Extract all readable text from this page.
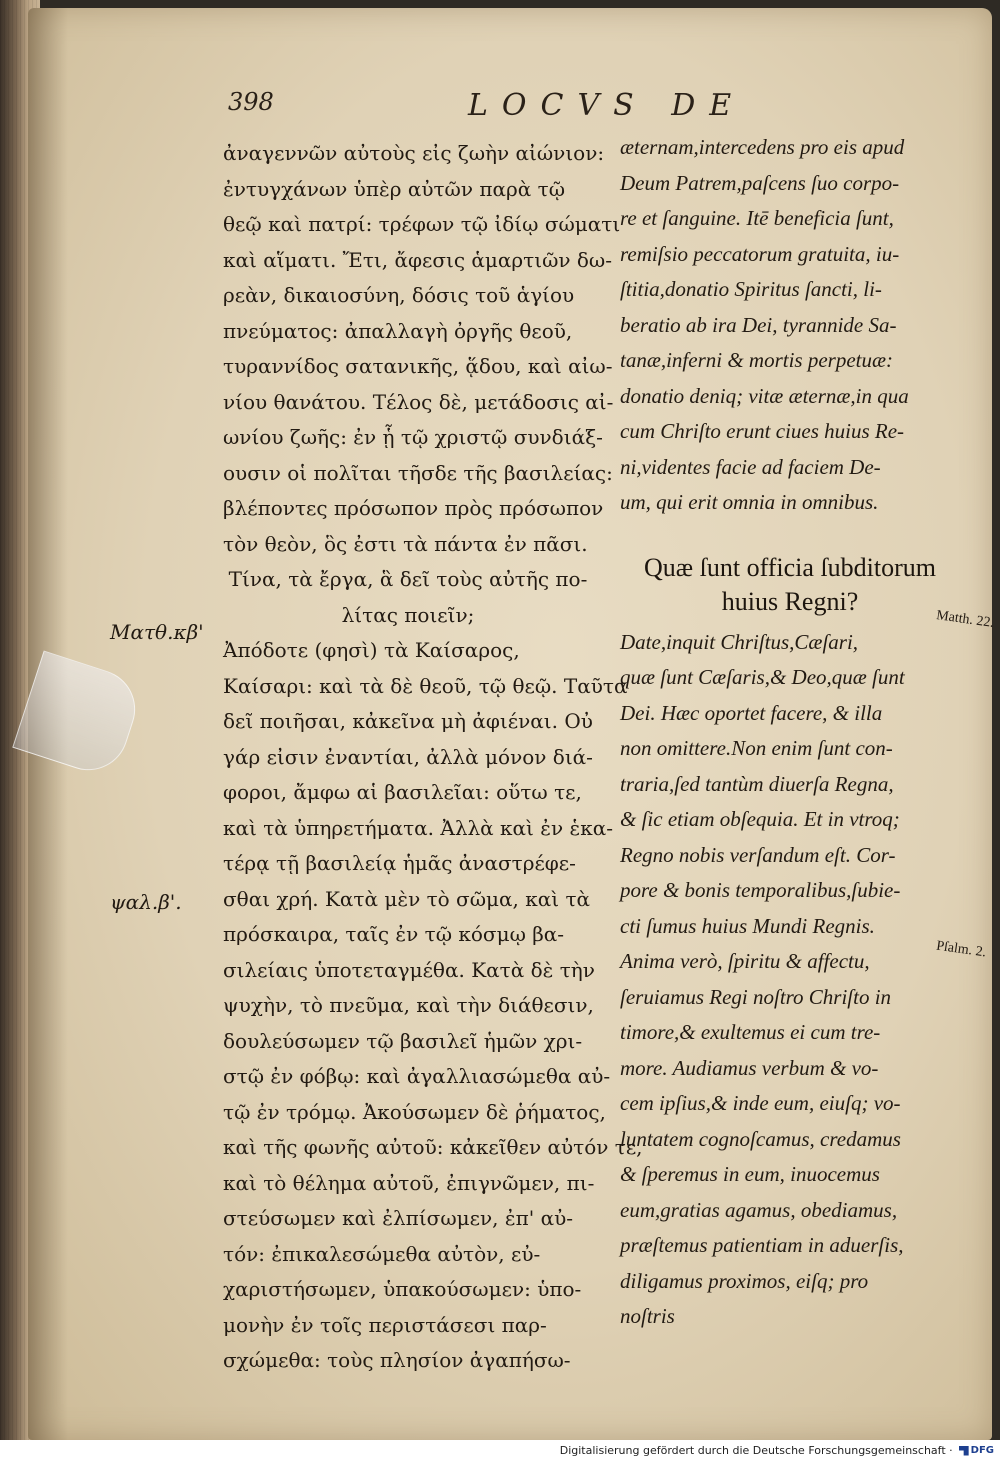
398	LOCVS DE
ἀναγεννῶν αὐτοὺς εἰς ζωὴν αἰώνιον:
ἐντυγχάνων ὑπὲρ αὐτῶν παρὰ τῷ
θεῷ καὶ πατρί: τρέφων τῷ ἰδίῳ σώματι
καὶ αἵματι. Ἔτι, ἄφεσις ἁμαρτιῶν δω-
ρεὰν, δικαιοσύνη, δόσις τοῦ ἁγίου
πνεύματος: ἀπαλλαγὴ ὀργῆς θεοῦ,
τυραννίδος σατανικῆς, ᾅδου, καὶ αἰω-
νίου θανάτου. Τέλος δὲ, μετάδοσις αἰ-
ωνίου ζωῆς: ἐν ᾗ τῷ χριστῷ συνδιάξ-
ουσιν οἱ πολῖται τῆσδε τῆς βασιλείας:
βλέποντες πρόσωπον πρὸς πρόσωπον
τὸν θεὸν, ὃς ἐστι τὰ πάντα ἐν πᾶσι.
Τίνα, τὰ ἔργα, ἃ δεῖ τοὺς αὐτῆς πο-
λίτας ποιεῖν;
Ἀπόδοτε (φησὶ) τὰ Καίσαρος,
Καίσαρι: καὶ τὰ δὲ θεοῦ, τῷ θεῷ. Ταῦτα
δεῖ ποιῆσαι, κἀκεῖνα μὴ ἀφιέναι. Οὐ
γάρ εἰσιν ἐναντίαι, ἀλλὰ μόνον διά-
φοροι, ἄμφω αἱ βασιλεῖαι: οὕτω τε,
καὶ τὰ ὑπηρετήματα. Ἀλλὰ καὶ ἐν ἑκα-
τέρᾳ τῇ βασιλείᾳ ἡμᾶς ἀναστρέφε-
σθαι χρή. Κατὰ μὲν τὸ σῶμα, καὶ τὰ
πρόσκαιρα, ταῖς ἐν τῷ κόσμῳ βα-
σιλείαις ὑποτεταγμέθα. Κατὰ δὲ τὴν
ψυχὴν, τὸ πνεῦμα, καὶ τὴν διάθεσιν,
δουλεύσωμεν τῷ βασιλεῖ ἡμῶν χρι-
στῷ ἐν φόβῳ: καὶ ἀγαλλιασώμεθα αὐ-
τῷ ἐν τρόμῳ. Ἀκούσωμεν δὲ ῥήματος,
καὶ τῆς φωνῆς αὐτοῦ: κἀκεῖθεν αὐτόν τε,
καὶ τὸ θέλημα αὐτοῦ, ἐπιγνῶμεν, πι-
στεύσωμεν καὶ ἐλπίσωμεν, ἐπ' αὐ-
τόν: ἐπικαλεσώμεθα αὐτὸν, εὐ-
χαριστήσωμεν, ὑπακούσωμεν: ὑπο-
μονὴν ἐν τοῖς περιστάσεσι παρ-
σχώμεθα: τοὺς πλησίον ἀγαπήσω-
æternam,intercedens pro eis apud
Deum Patrem,paſcens ſuo corpo-
re et ſanguine. Itē beneficia ſunt,
remiſsio peccatorum gratuita, iu-
ſtitia,donatio Spiritus ſancti, li-
beratio ab ira Dei, tyrannide Sa-
tanæ,inferni & mortis perpetuæ:
donatio deniq; vitæ æternæ,in qua
cum Chriſto erunt ciues huius Re-
ni,videntes facie ad faciem De-
um, qui erit omnia in omnibus.
Quæ ſunt officia ſubditorum
huius Regni?
Date,inquit Chriſtus,Cæſari,
quæ ſunt Cæſaris,& Deo,quæ ſunt
Dei. Hæc oportet facere, & illa
non omittere.Non enim ſunt con-
traria,ſed tantùm diuerſa Regna,
& ſic etiam obſequia. Et in vtroq;
Regno nobis verſandum eſt. Cor-
pore & bonis temporalibus,ſubie-
cti ſumus huius Mundi Regnis.
Anima verò, ſpiritu & affectu,
ſeruiamus Regi noſtro Chriſto in
timore,& exultemus ei cum tre-
more. Audiamus verbum & vo-
cem ipſius,& inde eum, eiuſq; vo-
luntatem cognoſcamus, credamus
& ſperemus in eum, inuocemus
eum,gratias agamus, obediamus,
præſtemus patientiam in aduerſis,
diligamus proximos, eiſq; pro
noſtris
Ματθ.κβ'
ψαλ.β'.
Matth. 22.
Pſalm. 2.
Digitalisierung gefördert durch die Deutsche Forschungsgemeinschaft · DFG
